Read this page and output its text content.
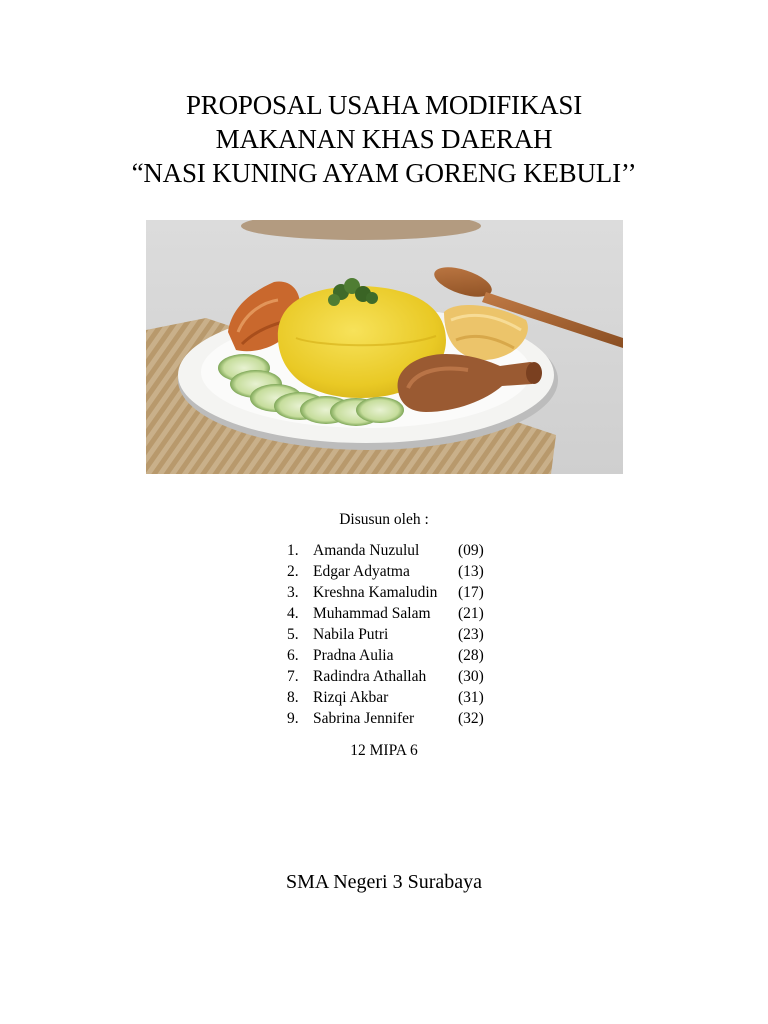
PROPOSAL USAHA MODIFIKASI
MAKANAN KHAS DAERAH
“NASI KUNING AYAM GORENG KEBULI’’
Disusun oleh :
1. Amanda Nuzulul (09)
2. Edgar Adyatma	(13)
3. Kreshna Kamaludin (17)
4. Muhammad Salam (21)
5. Nabila Putri	(23)
6. Pradna Aulia	(28)
7. Radindra Athallah (30)
8. Rizqi Akbar	(31)
9. Sabrina Jennifer	(32)
12 MIPA 6
SMA Negeri 3 Surabaya
